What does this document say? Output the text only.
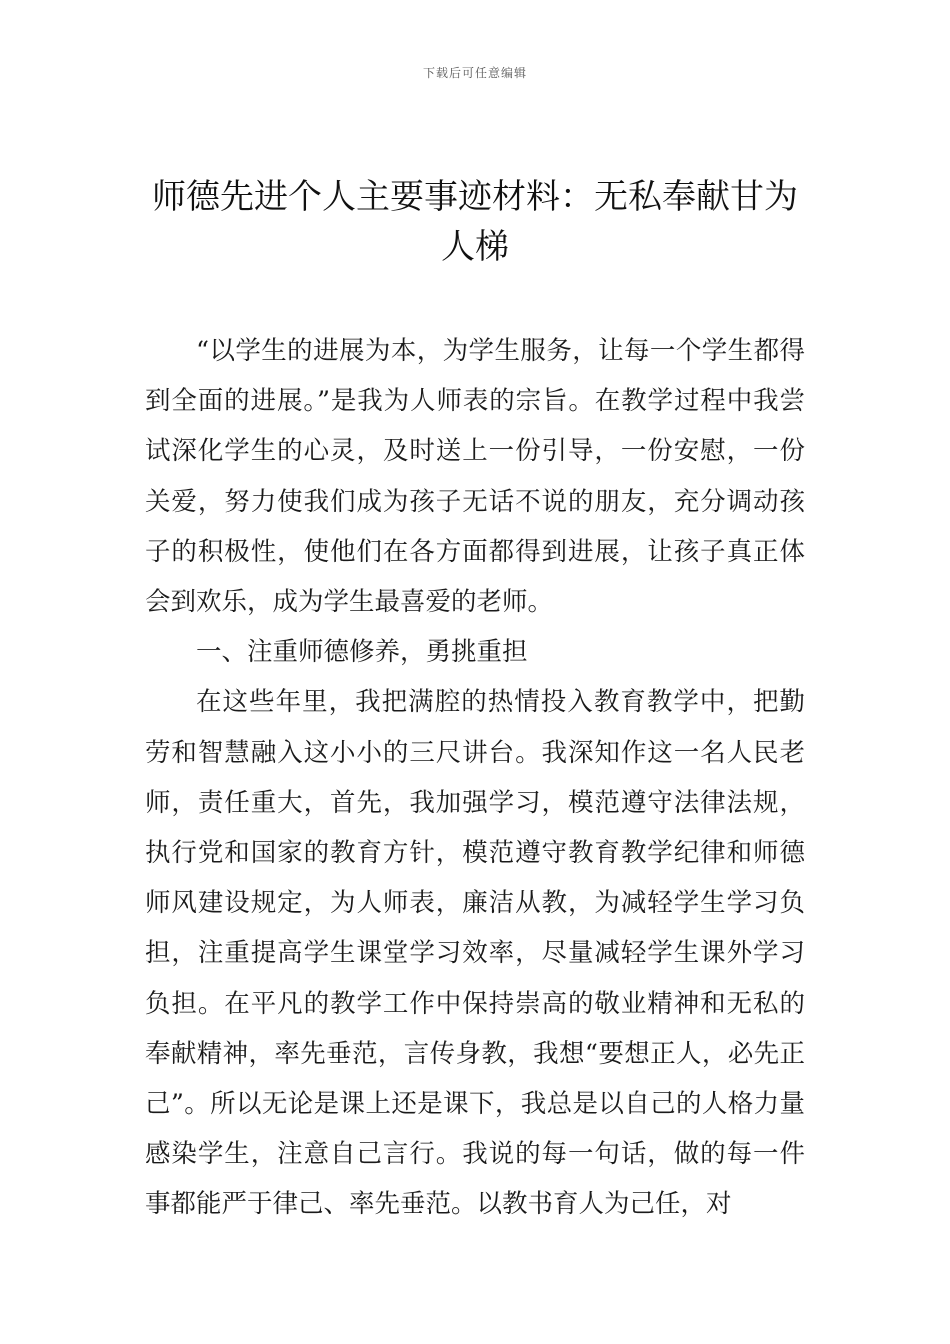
下载后可任意编辑
师德先进个人主要事迹材料：无私奉献甘为人梯

“以学生的进展为本，为学生服务，让每一个学生都得到全面的进展。”是我为人师表的宗旨。在教学过程中我尝试深化学生的心灵，及时送上一份引导，一份安慰，一份关爱，努力使我们成为孩子无话不说的朋友，充分调动孩子的积极性，使他们在各方面都得到进展，让孩子真正体会到欢乐，成为学生最喜爱的老师。

一、注重师德修养，勇挑重担

在这些年里，我把满腔的热情投入教育教学中，把勤劳和智慧融入这小小的三尺讲台。我深知作这一名人民老师，责任重大，首先，我加强学习，模范遵守法律法规，执行党和国家的教育方针，模范遵守教育教学纪律和师德师风建设规定，为人师表，廉洁从教，为减轻学生学习负担，注重提高学生课堂学习效率，尽量减轻学生课外学习负担。在平凡的教学工作中保持崇高的敬业精神和无私的奉献精神，率先垂范，言传身教，我想“要想正人，必先正己”。所以无论是课上还是课下，我总是以自己的人格力量感染学生，注意自己言行。我说的每一句话，做的每一件事都能严于律己、率先垂范。以教书育人为己任，对
